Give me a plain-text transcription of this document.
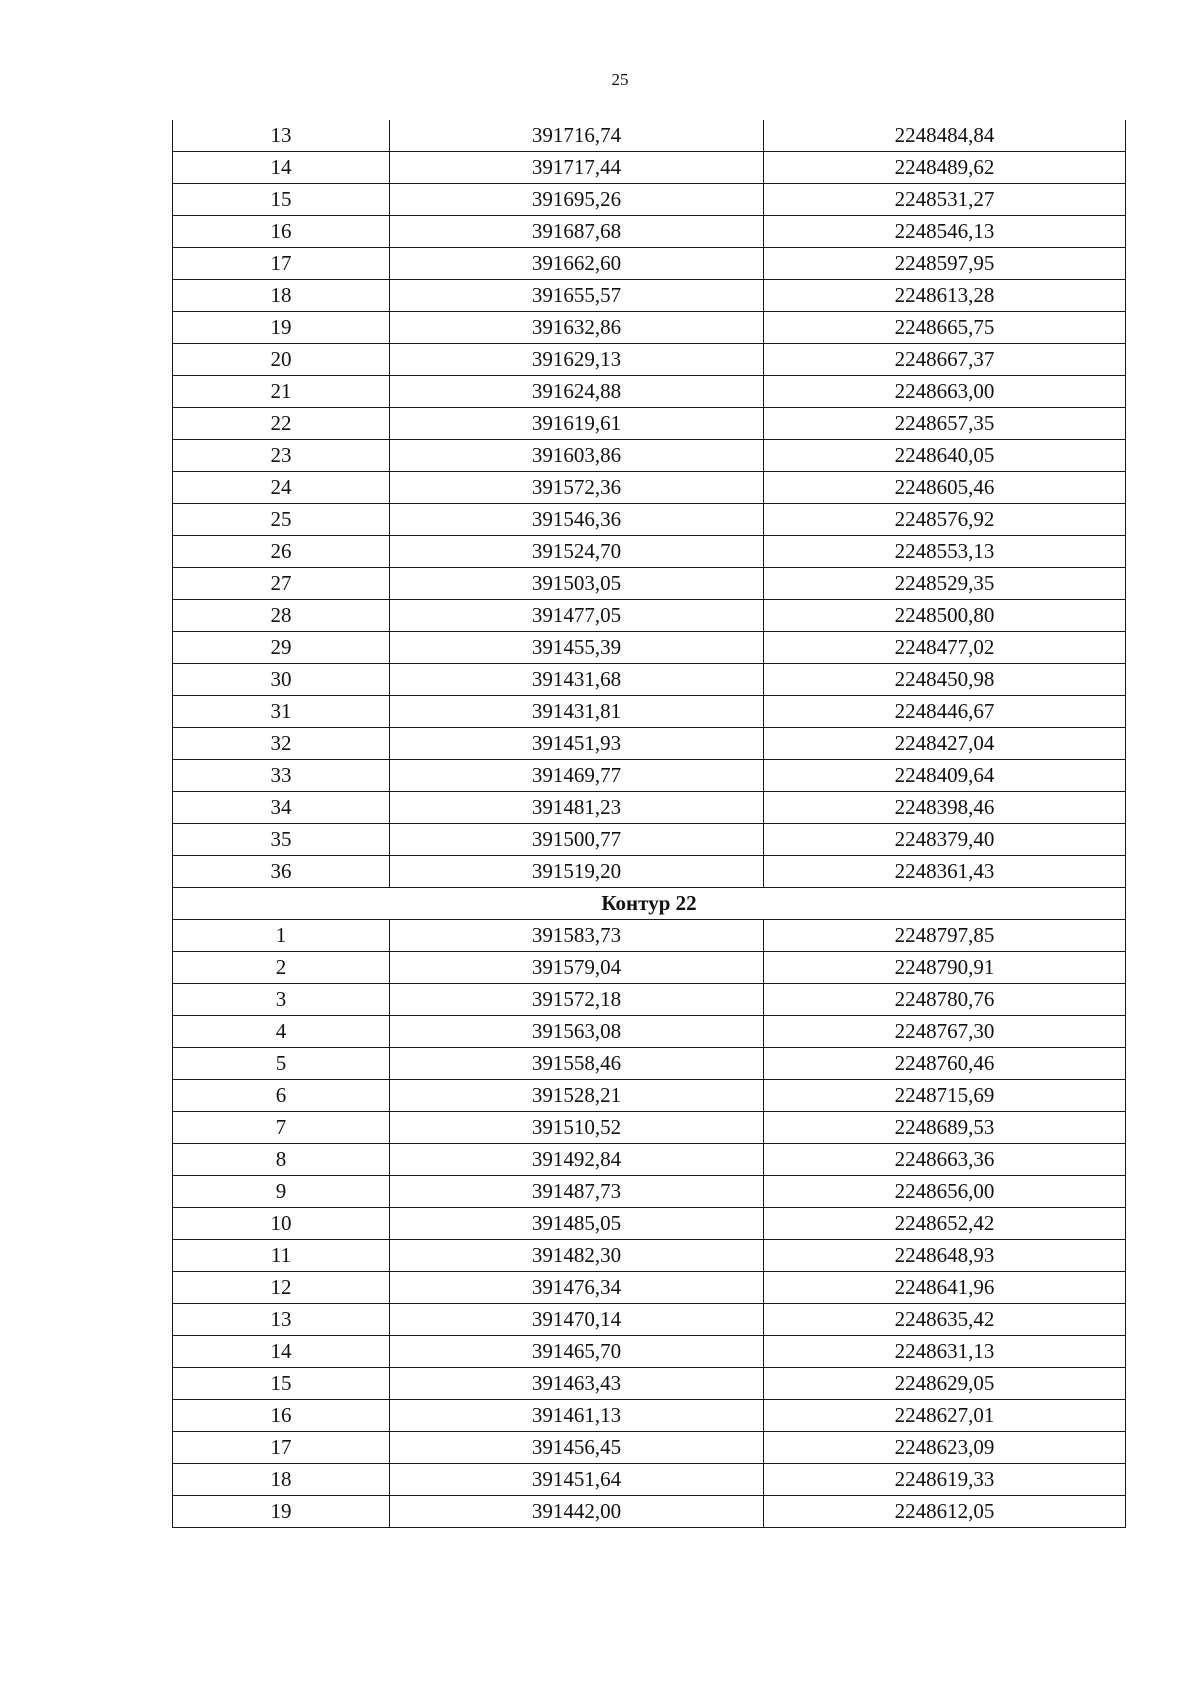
25
13	391716,74	2248484,84
14	391717,44	2248489,62
15	391695,26	2248531,27
16	391687,68	2248546,13
17	391662,60	2248597,95
18	391655,57	2248613,28
19	391632,86	2248665,75
20	391629,13	2248667,37
21	391624,88	2248663,00
22	391619,61	2248657,35
23	391603,86	2248640,05
24	391572,36	2248605,46
25	391546,36	2248576,92
26	391524,70	2248553,13
27	391503,05	2248529,35
28	391477,05	2248500,80
29	391455,39	2248477,02
30	391431,68	2248450,98
31	391431,81	2248446,67
32	391451,93	2248427,04
33	391469,77	2248409,64
34	391481,23	2248398,46
35	391500,77	2248379,40
36	391519,20	2248361,43
Контур 22		
1	391583,73	2248797,85
2	391579,04	2248790,91
3	391572,18	2248780,76
4	391563,08	2248767,30
5	391558,46	2248760,46
6	391528,21	2248715,69
7	391510,52	2248689,53
8	391492,84	2248663,36
9	391487,73	2248656,00
10	391485,05	2248652,42
11	391482,30	2248648,93
12	391476,34	2248641,96
13	391470,14	2248635,42
14	391465,70	2248631,13
15	391463,43	2248629,05
16	391461,13	2248627,01
17	391456,45	2248623,09
18	391451,64	2248619,33
19	391442,00	2248612,05
